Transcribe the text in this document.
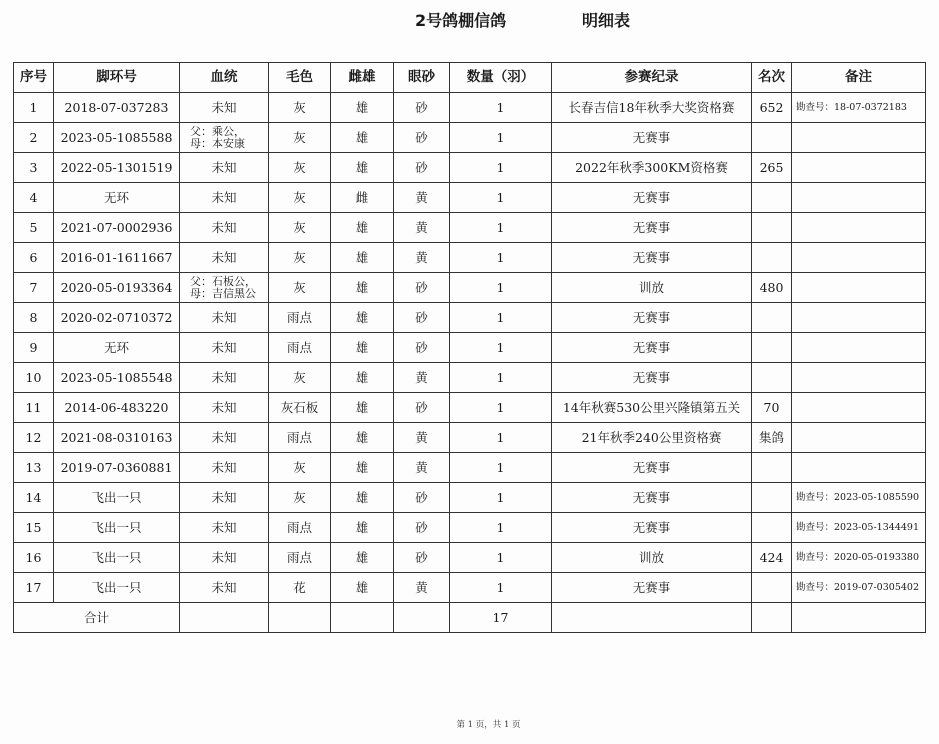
2号鸽棚信鸽	明细表
序号	脚环号	血统	毛色	雌雄	眼砂	数量（羽）	参赛纪录	名次	备注
1	2018-07-037283	未知	灰	雄	砂	1	长春吉信18年秋季大奖资格赛	652	勘查号：18-07-0372183
2	2023-05-1085588	父：乘公，
母：本安康	灰	雄	砂	1	无赛事		
3	2022-05-1301519	未知	灰	雄	砂	1	2022年秋季300KM资格赛	265	
4	无环	未知	灰	雌	黄	1	无赛事		
5	2021-07-0002936	未知	灰	雄	黄	1	无赛事		
6	2016-01-1611667	未知	灰	雄	黄	1	无赛事		
7	2020-05-0193364	父：石板公，
母：吉信黑公	灰	雄	砂	1	训放	480	
8	2020-02-0710372	未知	雨点	雄	砂	1	无赛事		
9	无环	未知	雨点	雄	砂	1	无赛事		
10	2023-05-1085548	未知	灰	雄	黄	1	无赛事		
11	2014-06-483220	未知	灰石板	雄	砂	1	14年秋赛530公里兴隆镇第五关	70	
12	2021-08-0310163	未知	雨点	雄	黄	1	21年秋季240公里资格赛	集鸽	
13	2019-07-0360881	未知	灰	雄	黄	1	无赛事		
14	飞出一只	未知	灰	雄	砂	1	无赛事		勘查号：2023-05-1085590
15	飞出一只	未知	雨点	雄	砂	1	无赛事		勘查号：2023-05-1344491
16	飞出一只	未知	雨点	雄	砂	1	训放	424	勘查号：2020-05-0193380
17	飞出一只	未知	花	雄	黄	1	无赛事		勘查号：2019-07-0305402
合计						17			
第 1 页，共 1 页
